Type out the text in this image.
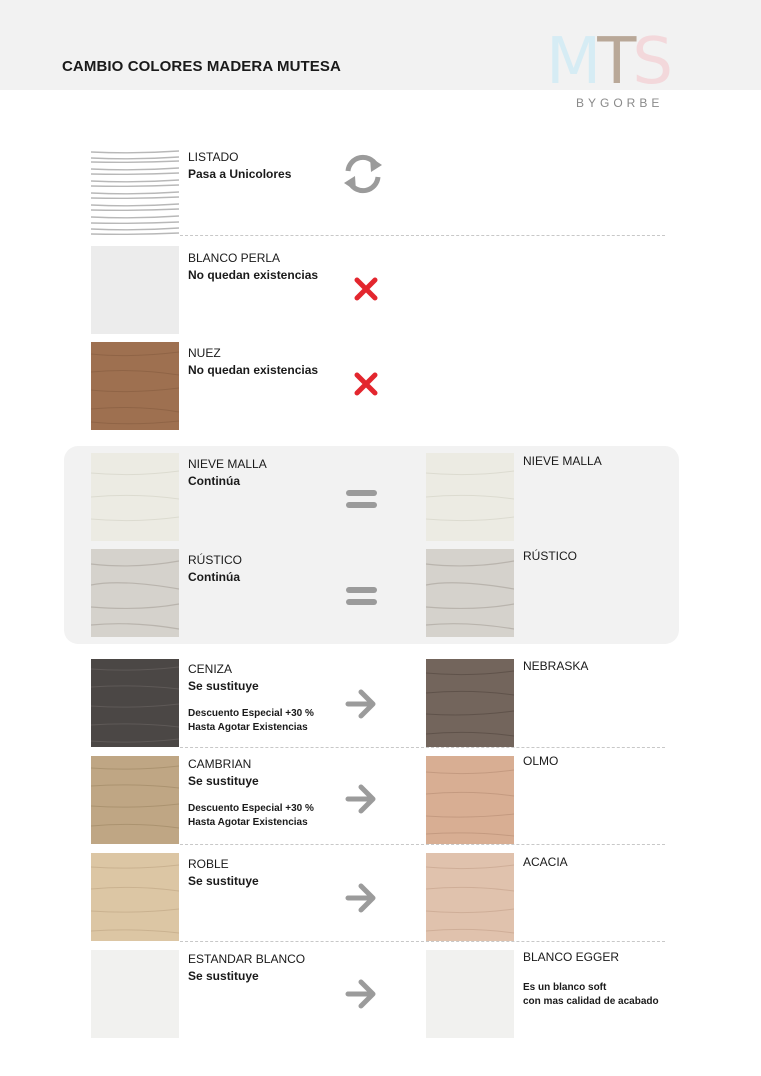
CAMBIO COLORES MADERA MUTESA	MTS
BYGORBE
LISTADO
Pasa a Unicolores
BLANCO PERLA
No quedan existencias
NUEZ
No quedan existencias
NIEVE MALLA
Continúa
NIEVE MALLA
RÚSTICO
Continúa
RÚSTICO
CENIZA
Se sustituye
Descuento Especial +30 %
Hasta Agotar Existencias
NEBRASKA
CAMBRIAN
Se sustituye
Descuento Especial +30 %
Hasta Agotar Existencias
OLMO
ROBLE
Se sustituye
ACACIA
ESTANDAR BLANCO
Se sustituye
BLANCO EGGER
Es un blanco soft
con mas calidad de acabado
